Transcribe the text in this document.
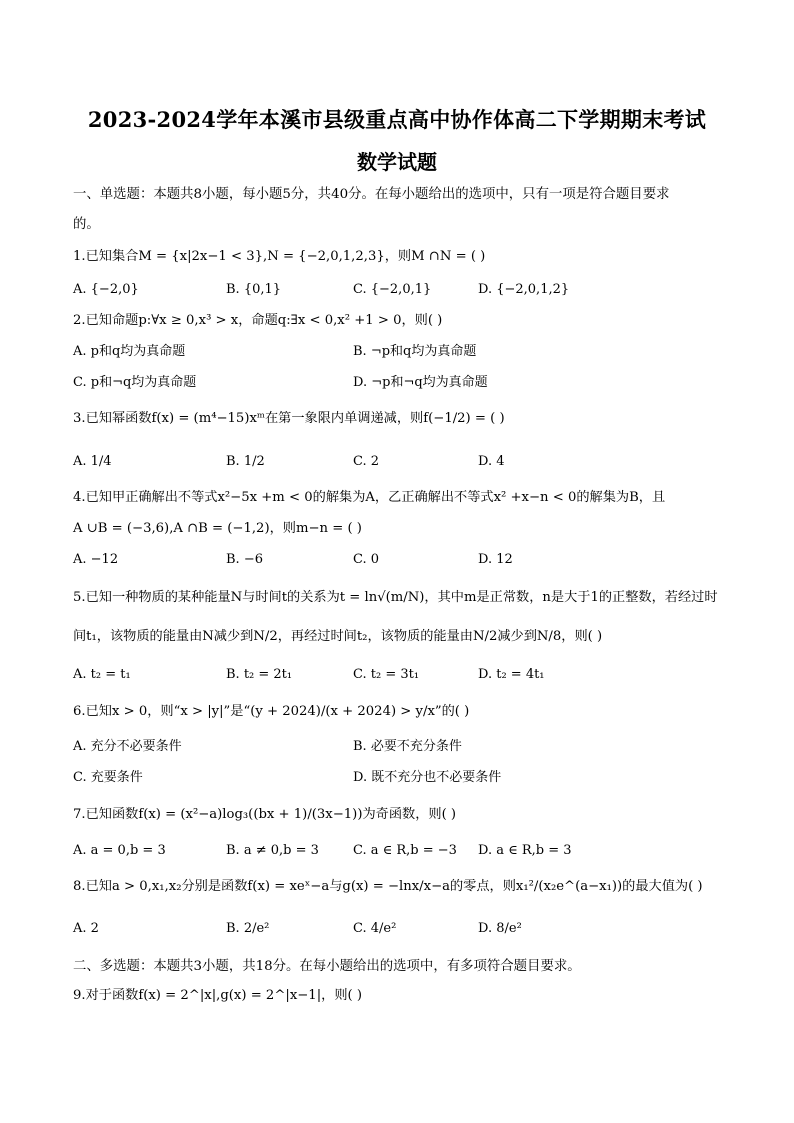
2023-2024学年本溪市县级重点高中协作体高二下学期期末考试
数学试题
一、单选题：本题共8小题，每小题5分，共40分。在每小题给出的选项中，只有一项是符合题目要求
的。
1.已知集合M = {x|2x−1 < 3},N = {−2,0,1,2,3}，则M ∩N = ( )
A. {−2,0}	B. {0,1}	C. {−2,0,1}	D. {−2,0,1,2}
2.已知命题p:∀x ≥ 0,x³ > x，命题q:∃x < 0,x² +1 > 0，则( )
A. p和q均为真命题	B. ¬p和q均为真命题
C. p和¬q均为真命题	D. ¬p和¬q均为真命题
3.已知幂函数f(x) = (m⁴−15)xᵐ在第一象限内单调递减，则f(−1/2) = ( )
A. 1/4	B. 1/2	C. 2	D. 4
4.已知甲正确解出不等式x²−5x +m < 0的解集为A，乙正确解出不等式x² +x−n < 0的解集为B，且
A ∪B = (−3,6),A ∩B = (−1,2)，则m−n = ( )
A. −12	B. −6	C. 0	D. 12
5.已知一种物质的某种能量N与时间t的关系为t = ln√(m/N)，其中m是正常数，n是大于1的正整数，若经过时
间t₁，该物质的能量由N减少到N/2，再经过时间t₂，该物质的能量由N/2减少到N/8，则( )
A. t₂ = t₁	B. t₂ = 2t₁	C. t₂ = 3t₁	D. t₂ = 4t₁
6.已知x > 0，则“x > |y|”是“(y + 2024)/(x + 2024) > y/x”的( )
A. 充分不必要条件	B. 必要不充分条件
C. 充要条件	D. 既不充分也不必要条件
7.已知函数f(x) = (x²−a)log₃((bx + 1)/(3x−1))为奇函数，则( )
A. a = 0,b = 3	B. a ≠ 0,b = 3	C. a ∈ R,b = −3 D. a ∈ R,b = 3
8.已知a > 0,x₁,x₂分别是函数f(x) = xeˣ−a与g(x) = −lnx/x−a的零点，则x₁²/(x₂e^(a−x₁))的最大值为( )
A. 2	B. 2/e²	C. 4/e²	D. 8/e²
二、多选题：本题共3小题，共18分。在每小题给出的选项中，有多项符合题目要求。
9.对于函数f(x) = 2^|x|,g(x) = 2^|x−1|，则( )
